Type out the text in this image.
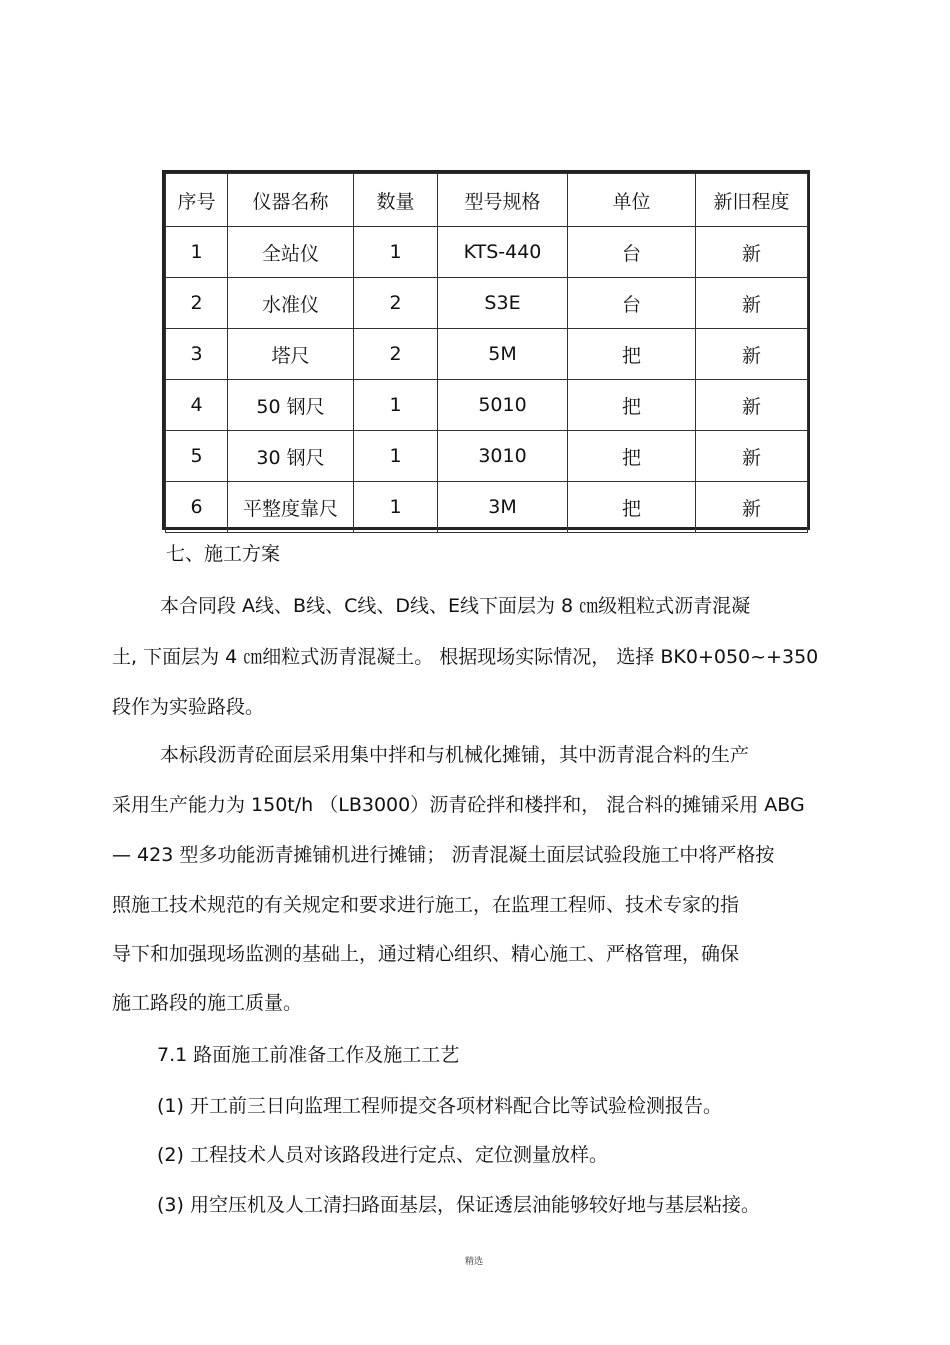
序号	仪器名称	数量	型号规格	单位	新旧程度
1	全站仪	1	KTS-440	台	新
2	水准仪	2	S3E	台	新
3	塔尺	2	5M	把	新
4	50 钢尺	1	5010	把	新
5	30 钢尺	1	3010	把	新
6	平整度靠尺	1	3M	把	新
七、施工方案
本合同段 A线、B线、C线、D线、E线下面层为 8 ㎝级粗粒式沥青混凝
土, 下面层为 4 ㎝细粒式沥青混凝土。 根据现场实际情况， 选择 BK0+050~+350
段作为实验路段。
本标段沥青砼面层采用集中拌和与机械化摊铺，其中沥青混合料的生产
采用生产能力为 150t/h （LB3000）沥青砼拌和楼拌和， 混合料的摊铺采用 ABG
— 423 型多功能沥青摊铺机进行摊铺； 沥青混凝土面层试验段施工中将严格按
照施工技术规范的有关规定和要求进行施工，在监理工程师、技术专家的指
导下和加强现场监测的基础上，通过精心组织、精心施工、严格管理，确保
施工路段的施工质量。
7.1 路面施工前准备工作及施工工艺
(1) 开工前三日向监理工程师提交各项材料配合比等试验检测报告。
(2) 工程技术人员对该路段进行定点、定位测量放样。
(3) 用空压机及人工清扫路面基层，保证透层油能够较好地与基层粘接。
精选
